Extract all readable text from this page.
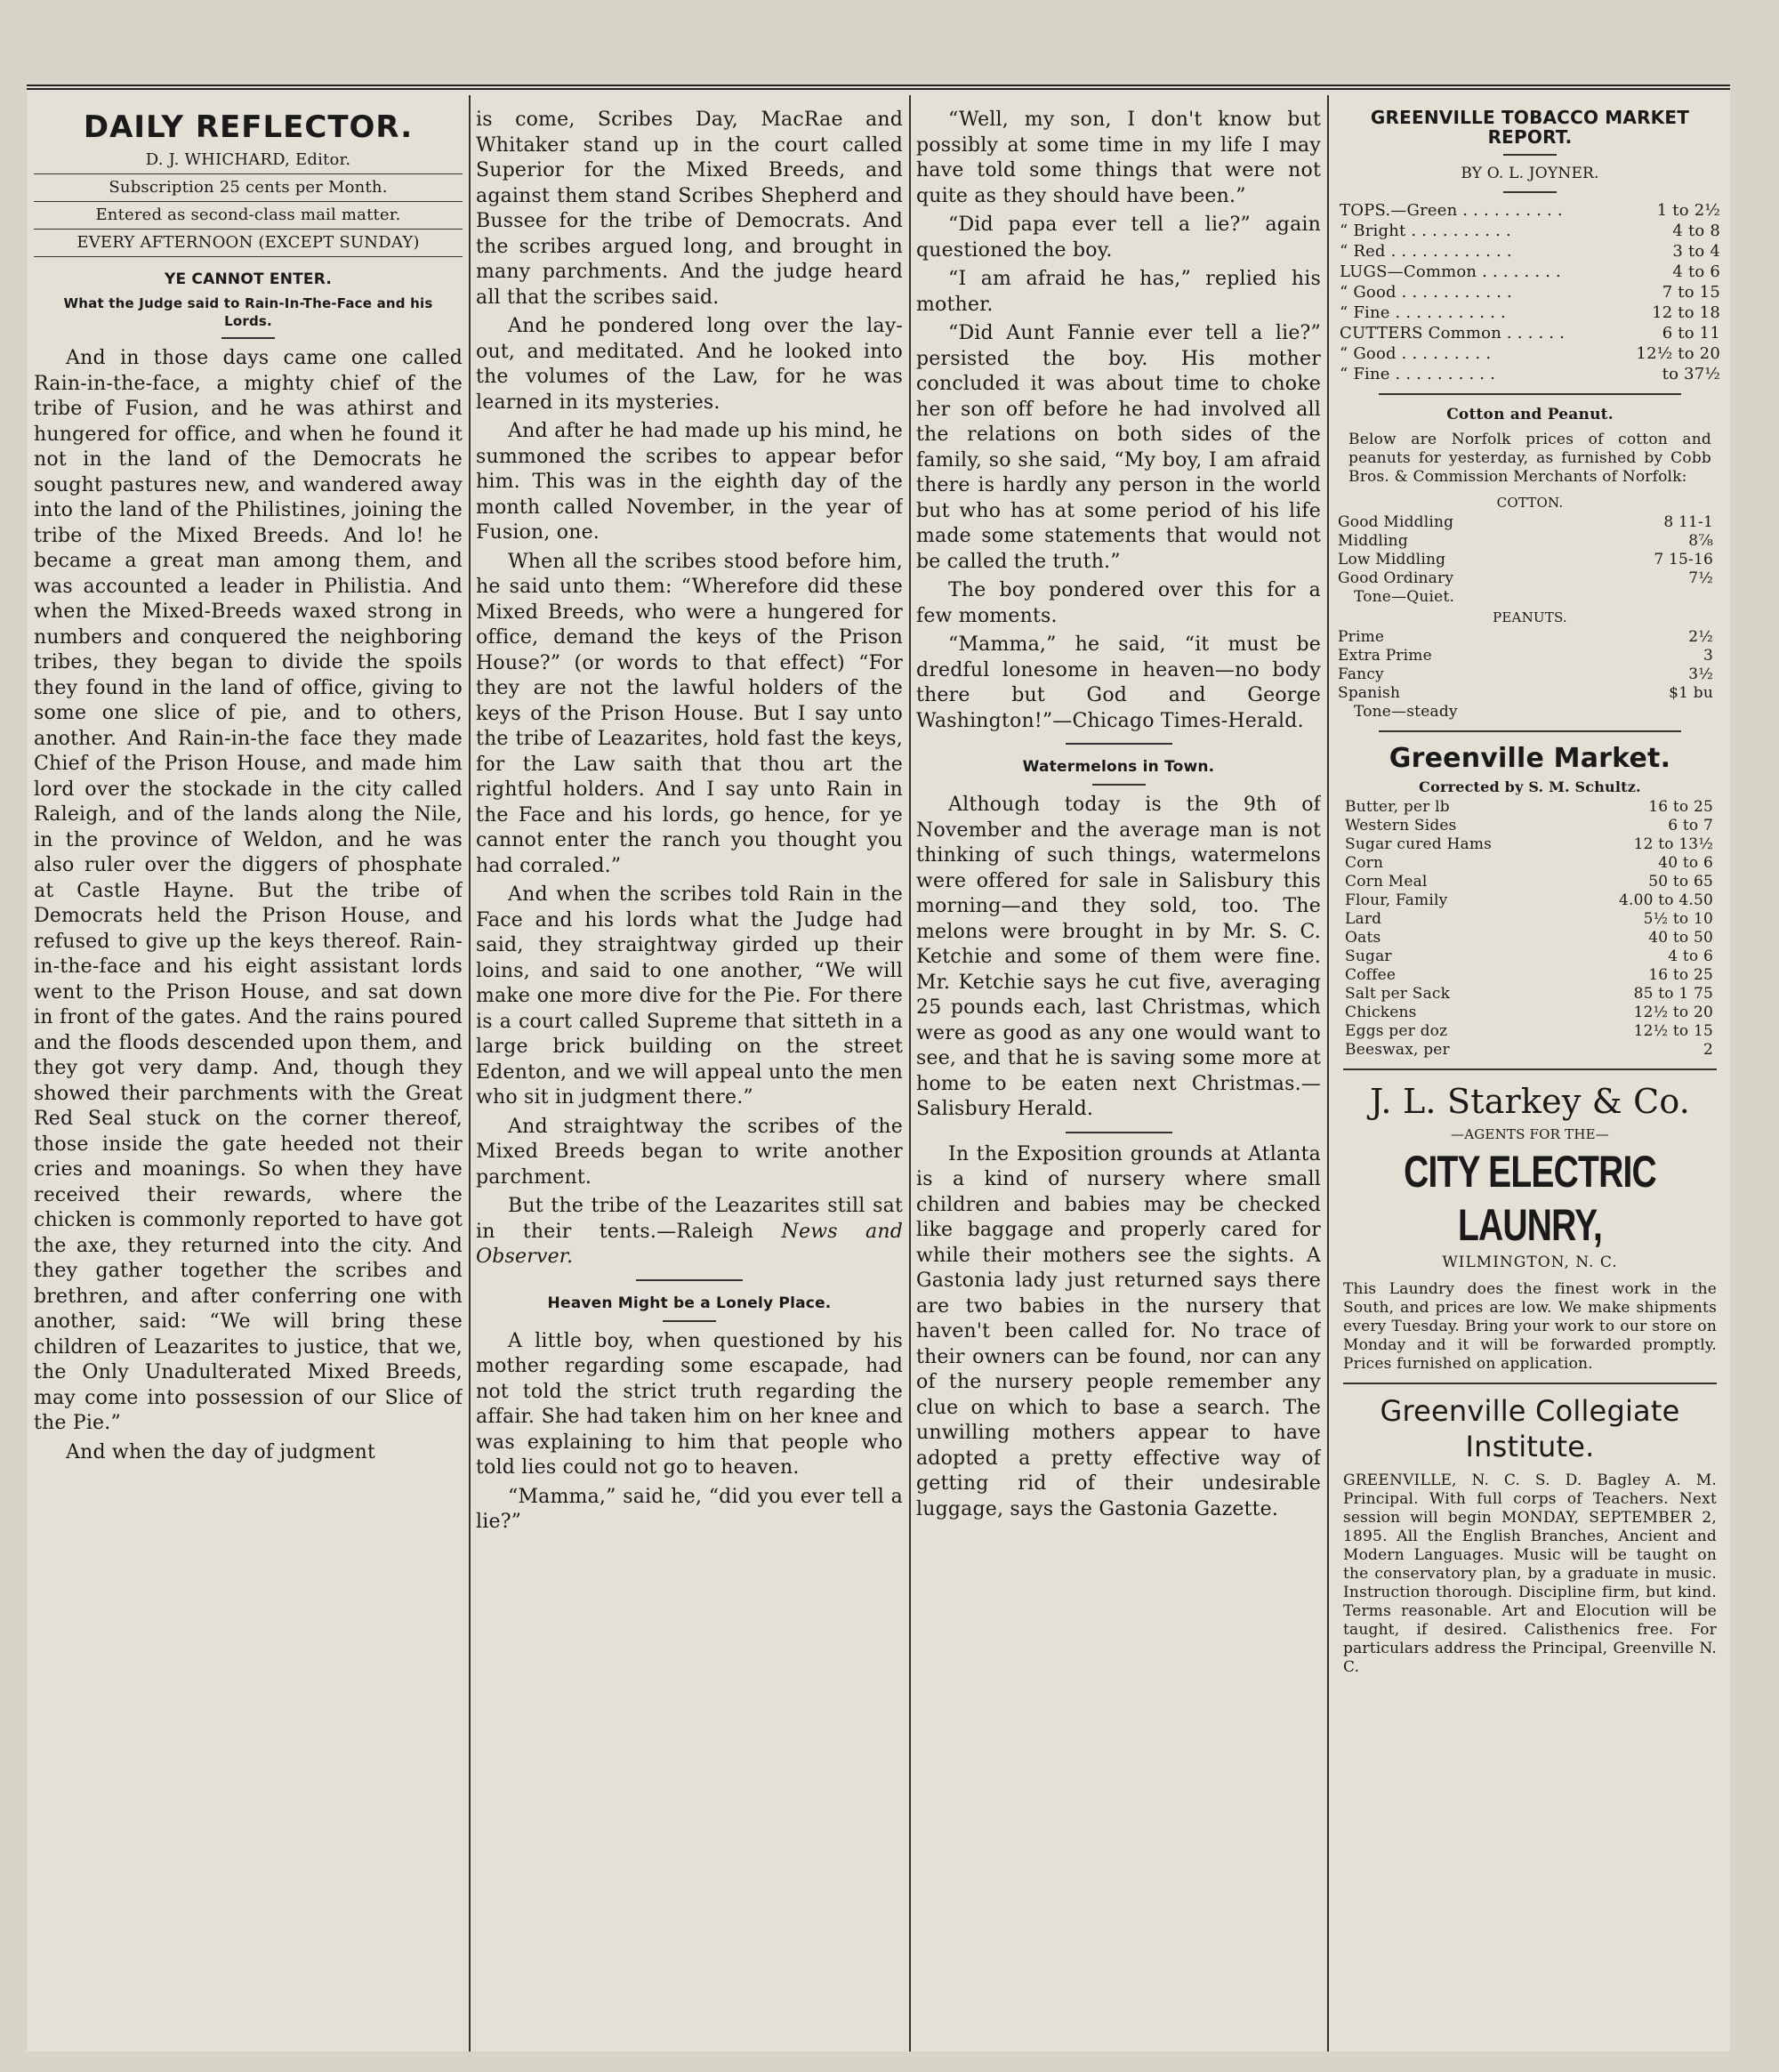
DAILY REFLECTOR.
D. J. WHICHARD, Editor.
Subscription 25 cents per Month.
Entered as second-class mail matter.
EVERY AFTERNOON (EXCEPT SUNDAY)
YE CANNOT ENTER.
What the Judge said to Rain-In-The-Face and his Lords.

And in those days came one called Rain-in-the-face, a mighty chief of the tribe of Fusion, and he was athirst and hungered for office, and when he found it not in the land of the Democrats he sought pastures new, and wandered away into the land of the Philistines, joining the tribe of the Mixed Breeds. And lo! he became a great man among them, and was accounted a leader in Philistia. And when the Mixed-Breeds waxed strong in numbers and conquered the neighboring tribes, they began to divide the spoils they found in the land of office, giving to some one slice of pie, and to others, another. And Rain-in-the face they made Chief of the Prison House, and made him lord over the stockade in the city called Raleigh, and of the lands along the Nile, in the province of Weldon, and he was also ruler over the diggers of phosphate at Castle Hayne. But the tribe of Democrats held the Prison House, and refused to give up the keys thereof. Rain-in-the-face and his eight assistant lords went to the Prison House, and sat down in front of the gates. And the rains poured and the floods descended upon them, and they got very damp. And, though they showed their parchments with the Great Red Seal stuck on the corner thereof, those inside the gate heeded not their cries and moanings. So when they have received their rewards, where the chicken is commonly reported to have got the axe, they returned into the city. And they gather together the scribes and brethren, and after conferring one with another, said: “We will bring these children of Leazarites to justice, that we, the Only Unadulterated Mixed Breeds, may come into possession of our Slice of the Pie.”

And when the day of judgment

is come, Scribes Day, MacRae and Whitaker stand up in the court called Superior for the Mixed Breeds, and against them stand Scribes Shepherd and Bussee for the tribe of Democrats. And the scribes argued long, and brought in many parchments. And the judge heard all that the scribes said.

And he pondered long over the lay-out, and meditated. And he looked into the volumes of the Law, for he was learned in its mysteries.

And after he had made up his mind, he summoned the scribes to appear befor him. This was in the eighth day of the month called November, in the year of Fusion, one.

When all the scribes stood before him, he said unto them: “Wherefore did these Mixed Breeds, who were a hungered for office, demand the keys of the Prison House?” (or words to that effect) “For they are not the lawful holders of the keys of the Prison House. But I say unto the tribe of Leazarites, hold fast the keys, for the Law saith that thou art the rightful holders. And I say unto Rain in the Face and his lords, go hence, for ye cannot enter the ranch you thought you had corraled.”

And when the scribes told Rain in the Face and his lords what the Judge had said, they straightway girded up their loins, and said to one another, “We will make one more dive for the Pie. For there is a court called Supreme that sitteth in a large brick building on the street Edenton, and we will appeal unto the men who sit in judgment there.”

And straightway the scribes of the Mixed Breeds began to write another parchment.

But the tribe of the Leazarites still sat in their tents.—Raleigh News and Observer.

Heaven Might be a Lonely Place.

A little boy, when questioned by his mother regarding some escapade, had not told the strict truth regarding the affair. She had taken him on her knee and was explaining to him that people who told lies could not go to heaven.

“Mamma,” said he, “did you ever tell a lie?”

“Well, my son, I don't know but possibly at some time in my life I may have told some things that were not quite as they should have been.”

“Did papa ever tell a lie?” again questioned the boy.

“I am afraid he has,” replied his mother.

“Did Aunt Fannie ever tell a lie?” persisted the boy. His mother concluded it was about time to choke her son off before he had involved all the relations on both sides of the family, so she said, “My boy, I am afraid there is hardly any person in the world but who has at some period of his life made some statements that would not be called the truth.”

The boy pondered over this for a few moments.

“Mamma,” he said, “it must be dredful lonesome in heaven—no body there but God and George Washington!”—Chicago Times-Herald.

Watermelons in Town.

Although today is the 9th of November and the average man is not thinking of such things, watermelons were offered for sale in Salisbury this morning—and they sold, too. The melons were brought in by Mr. S. C. Ketchie and some of them were fine. Mr. Ketchie says he cut five, averaging 25 pounds each, last Christmas, which were as good as any one would want to see, and that he is saving some more at home to be eaten next Christmas.—Salisbury Herald.

In the Exposition grounds at Atlanta is a kind of nursery where small children and babies may be checked like baggage and properly cared for while their mothers see the sights. A Gastonia lady just returned says there are two babies in the nursery that haven't been called for. No trace of their owners can be found, nor can any of the nursery people remember any clue on which to base a search. The unwilling mothers appear to have adopted a pretty effective way of getting rid of their undesirable luggage, says the Gastonia Gazette.

GREENVILLE TOBACCO MARKET REPORT.
BY O. L. JOYNER.
TOPS.—Green . . . . . . . . . .	1 to 2½
“ Bright . . . . . . . . . .	4 to 8
“ Red . . . . . . . . . . . .	3 to 4
LUGS—Common . . . . . . . .	4 to 6
“ Good . . . . . . . . . . .	7 to 15
“ Fine . . . . . . . . . . .	12 to 18
CUTTERS Common . . . . . .	6 to 11
“ Good . . . . . . . . .	12½ to 20
“ Fine . . . . . . . . . .	to 37½
Cotton and Peanut.
Below are Norfolk prices of cotton and peanuts for yesterday, as furnished by Cobb Bros. & Commission Merchants of Norfolk:
COTTON.
Good Middling	8 11-1
Middling	8⅞
Low Middling	7 15-16
Good Ordinary	7½
Tone—Quiet.
PEANUTS.
Prime	2½
Extra Prime	3
Fancy	3½
Spanish	$1 bu
Tone—steady
Greenville Market.
Corrected by S. M. Schultz.
Butter, per lb	16 to 25
Western Sides	6 to 7
Sugar cured Hams	12 to 13½
Corn	40 to 6
Corn Meal	50 to 65
Flour, Family	4.00 to 4.50
Lard	5½ to 10
Oats	40 to 50
Sugar	4 to 6
Coffee	16 to 25
Salt per Sack	85 to 1 75
Chickens	12½ to 20
Eggs per doz	12½ to 15
Beeswax, per	2
J. L. Starkey & Co.
—AGENTS FOR THE—
CITY ELECTRIC LAUNRY,
WILMINGTON, N. C.
This Laundry does the finest work in the South, and prices are low. We make shipments every Tuesday. Bring your work to our store on Monday and it will be forwarded promptly. Prices furnished on application.
Greenville Collegiate
Institute.
GREENVILLE, N. C. S. D. Bagley A. M. Principal. With full corps of Teachers. Next session will begin MONDAY, SEPTEMBER 2, 1895. All the English Branches, Ancient and Modern Languages. Music will be taught on the conservatory plan, by a graduate in music. Instruction thorough. Discipline firm, but kind. Terms reasonable. Art and Elocution will be taught, if desired. Calisthenics free. For particulars address the Principal, Greenville N. C.
